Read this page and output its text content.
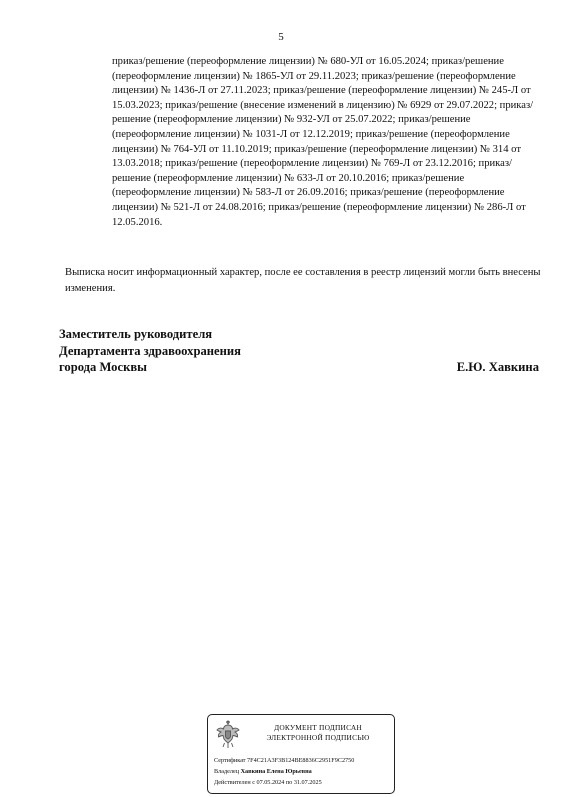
5

приказ/решение (переоформление лицензии) № 680-УЛ от 16.05.2024; приказ/решение (переоформление лицензии) № 1865-УЛ от 29.11.2023; приказ/решение (переоформление лицензии) № 1436-Л от 27.11.2023; приказ/решение (переоформление лицензии) № 245-Л от 15.03.2023; приказ/решение (внесение изменений в лицензию) № 6929 от 29.07.2022; приказ/решение (переоформление лицензии) № 932-УЛ от 25.07.2022; приказ/решение (переоформление лицензии) № 1031-Л от 12.12.2019; приказ/решение (переоформление лицензии) № 764-УЛ от 11.10.2019; приказ/решение (переоформление лицензии) № 314 от 13.03.2018; приказ/решение (переоформление лицензии) № 769-Л от 23.12.2016; приказ/решение (переоформление лицензии) № 633-Л от 20.10.2016; приказ/решение (переоформление лицензии) № 583-Л от 26.09.2016; приказ/решение (переоформление лицензии) № 521-Л от 24.08.2016; приказ/решение (переоформление лицензии) № 286-Л от 12.05.2016.

Выписка носит информационный характер, после ее составления в реестр лицензий могли быть внесены изменения.

Заместитель руководителя
Департамента здравоохранения
города Москвы	Е.Ю. Хавкина
ДОКУМЕНТ ПОДПИСАН
ЭЛЕКТРОННОЙ ПОДПИСЬЮ
Сертификат 7F4C21A3F3B124BE8836C2951F9C2750
Владелец Хавкина Елена Юрьевна
Действителен с 07.05.2024 по 31.07.2025
